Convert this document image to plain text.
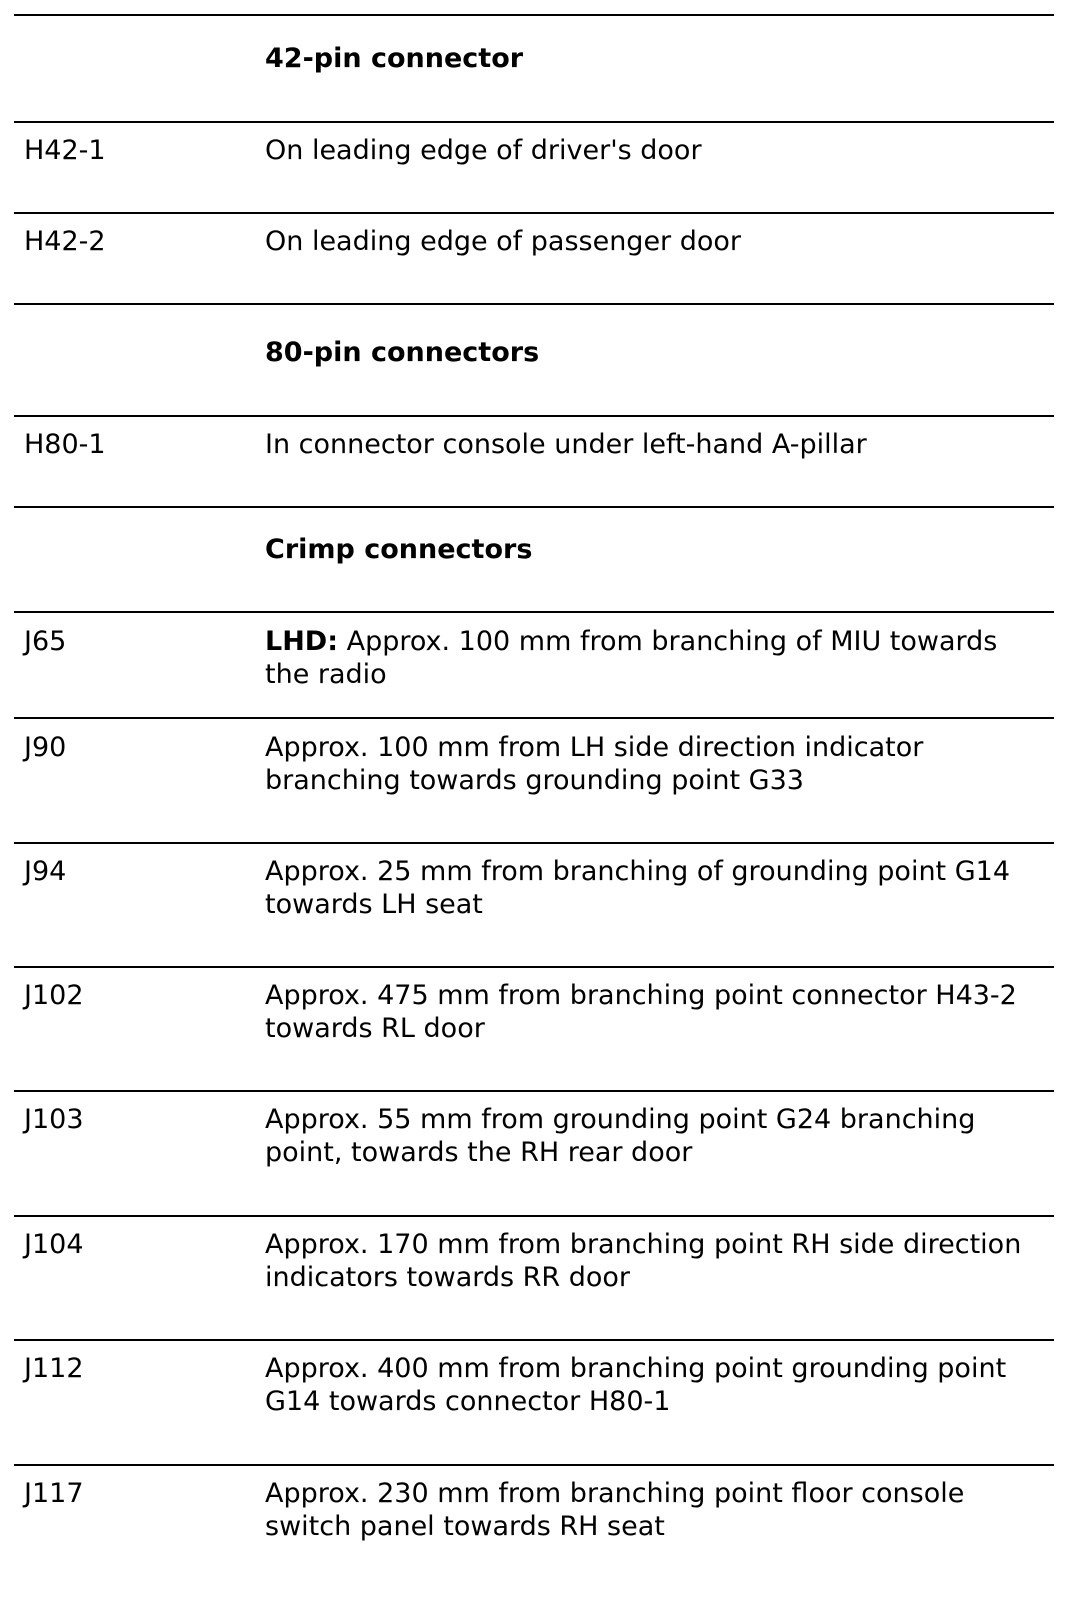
42-pin connector
H42-1	On leading edge of driver's door
H42-2	On leading edge of passenger door
80-pin connectors
H80-1	In connector console under left-hand A-pillar
Crimp connectors
J65	LHD: Approx. 100 mm from branching of MIU towards the radio
J90	Approx. 100 mm from LH side direction indicator branching towards grounding point G33
J94	Approx. 25 mm from branching of grounding point G14 towards LH seat
J102	Approx. 475 mm from branching point connector H43-2 towards RL door
J103	Approx. 55 mm from grounding point G24 branching point, towards the RH rear door
J104	Approx. 170 mm from branching point RH side direction indicators towards RR door
J112	Approx. 400 mm from branching point grounding point G14 towards connector H80-1
J117	Approx. 230 mm from branching point floor console switch panel towards RH seat
